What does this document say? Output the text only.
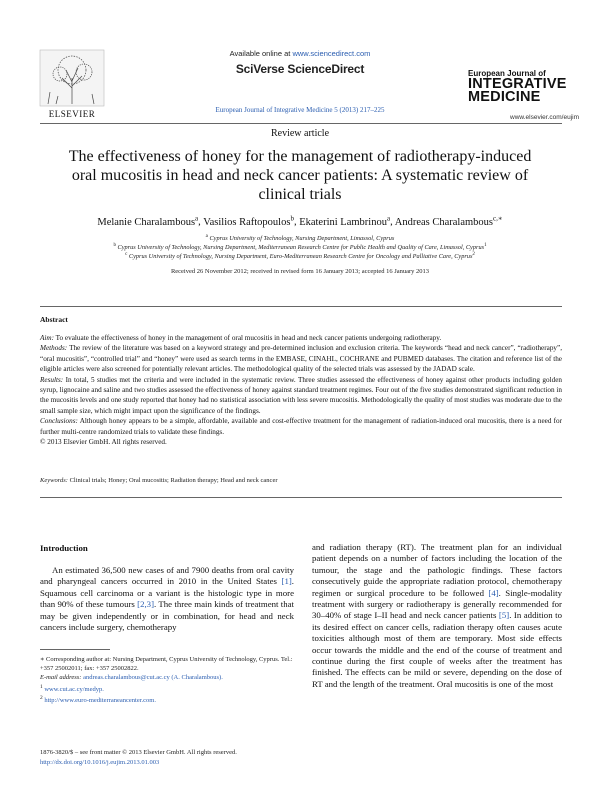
Available online at www.sciencedirect.com
SciVerse ScienceDirect
European Journal of Integrative Medicine 5 (2013) 217–225
ELSEVIER
European Journal of
INTEGRATIVE
MEDICINE
www.elsevier.com/eujim
Review article
The effectiveness of honey for the management of radiotherapy-induced oral mucositis in head and neck cancer patients: A systematic review of clinical trials
Melanie Charalambous$^a$, Vasilios Raftopoulos$^b$, Ekaterini Lambrinou$^a$, Andreas Charalambous$^{c,∗}$
$^a$ Cyprus University of Technology, Nursing Department, Limassol, Cyprus
$^b$ Cyprus University of Technology, Nursing Department, Mediterranean Research Centre for Public Health and Quality of Care, Limassol, Cyprus$^1$
$^c$ Cyprus University of Technology, Nursing Department, Euro-Mediterranean Research Centre for Oncology and Palliative Care, Cyprus$^2$
Received 26 November 2012; received in revised form 16 January 2013; accepted 16 January 2013
Abstract

Aim: To evaluate the effectiveness of honey in the management of oral mucositis in head and neck cancer patients undergoing radiotherapy.

Methods: The review of the literature was based on a keyword strategy and pre-determined inclusion and exclusion criteria. The keywords “head and neck cancer”, “radiotherapy”, “oral mucositis”, “controlled trial” and “honey” were used as search terms in the EMBASE, CINAHL, COCHRANE and PUBMED databases. The citation and reference list of the eligible articles were also screened for potentially relevant articles. The methodological quality of the selected trials was assessed by the JADAD scale.

Results: In total, 5 studies met the criteria and were included in the systematic review. Three studies assessed the effectiveness of honey against other products including golden syrup, lignocaine and saline and two studies assessed the effectiveness of honey against standard treatment regimes. Four out of the five studies demonstrated significant reduction in the mucositis levels and one study reported that honey had no statistical association with less severe mucositis. Methodologically the quality of most studies was moderate due to the small sample size, which might impact upon the significance of the findings.

Conclusions: Although honey appears to be a simple, affordable, available and cost-effective treatment for the management of radiation-induced oral mucositis, there is a need for further multi-centre randomized trials to validate these findings.

© 2013 Elsevier GmbH. All rights reserved.

Keywords: Clinical trials; Honey; Oral mucositis; Radiation therapy; Head and neck cancer
Introduction
An estimated 36,500 new cases of and 7900 deaths from oral cavity and pharyngeal cancers occurred in 2010 in the United States [1]. Squamous cell carcinoma or a variant is the histologic type in more than 90% of these tumours [2,3]. The three main kinds of treatment that may be given independently or in combination, for head and neck cancers include surgery, chemotherapy
and radiation therapy (RT). The treatment plan for an individual patient depends on a number of factors including the location of the tumour, the stage and the pathologic findings. These factors consecutively guide the appropriate radiation protocol, chemotherapy regimen or surgical procedure to be followed [4]. Single-modality treatment with surgery or radiotherapy is generally recommended for 30–40% of stage I–II head and neck cancer patients [5]. In addition to its desired effect on cancer cells, radiation therapy often causes acute toxicities although most of them are temporary. Most side effects occur towards the middle and the end of the course of treatment and continue during the first couple of weeks after the treatment has finished. The effects can be mild or severe, depending on the dose of RT and the length of the treatment. Oral mucositis is one of the most
∗ Corresponding author at: Nursing Department, Cyprus University of Technology, Cyprus. Tel.: +357 25002011; fax: +357 25002822.
E-mail address: andreas.charalambous@cut.ac.cy (A. Charalambous).
$^1$ www.cut.ac.cy/medyp.
$^2$ http://www.euro-mediterraneancenter.com.
1876-3820/$ – see front matter © 2013 Elsevier GmbH. All rights reserved.
http://dx.doi.org/10.1016/j.eujim.2013.01.003
